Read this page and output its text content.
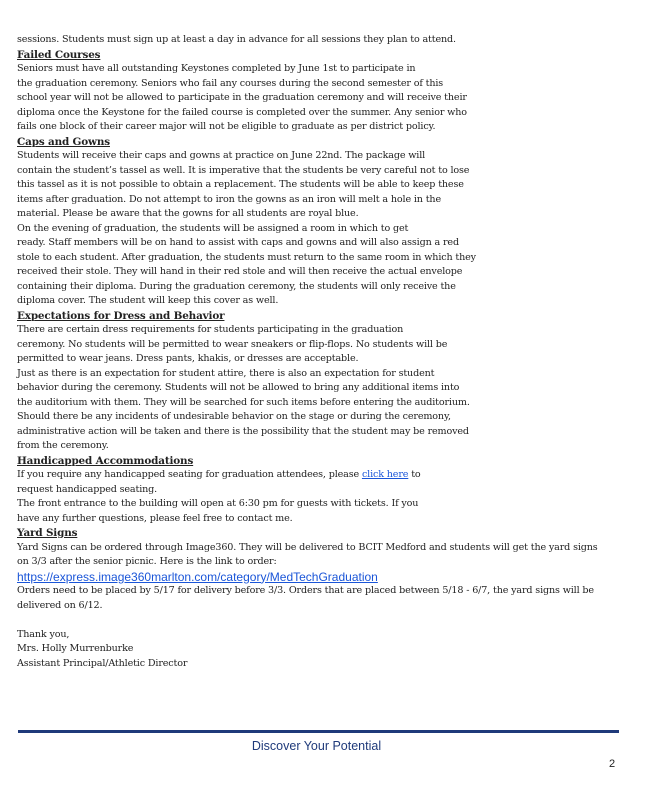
sessions. Students must sign up at least a day in advance for all sessions they plan to attend.
Failed Courses
Seniors must have all outstanding Keystones completed by June 1st to participate in
the graduation ceremony. Seniors who fail any courses during the second semester of this
school year will not be allowed to participate in the graduation ceremony and will receive their
diploma once the Keystone for the failed course is completed over the summer. Any senior who
fails one block of their career major will not be eligible to graduate as per district policy.
Caps and Gowns
Students will receive their caps and gowns at practice on June 22nd. The package will
contain the student’s tassel as well. It is imperative that the students be very careful not to lose
this tassel as it is not possible to obtain a replacement. The students will be able to keep these
items after graduation. Do not attempt to iron the gowns as an iron will melt a hole in the
material. Please be aware that the gowns for all students are royal blue.
On the evening of graduation, the students will be assigned a room in which to get
ready. Staff members will be on hand to assist with caps and gowns and will also assign a red
stole to each student. After graduation, the students must return to the same room in which they
received their stole. They will hand in their red stole and will then receive the actual envelope
containing their diploma. During the graduation ceremony, the students will only receive the
diploma cover. The student will keep this cover as well.
Expectations for Dress and Behavior
There are certain dress requirements for students participating in the graduation
ceremony. No students will be permitted to wear sneakers or flip-flops. No students will be
permitted to wear jeans. Dress pants, khakis, or dresses are acceptable.
Just as there is an expectation for student attire, there is also an expectation for student
behavior during the ceremony. Students will not be allowed to bring any additional items into
the auditorium with them. They will be searched for such items before entering the auditorium.
Should there be any incidents of undesirable behavior on the stage or during the ceremony,
administrative action will be taken and there is the possibility that the student may be removed
from the ceremony.
Handicapped Accommodations
If you require any handicapped seating for graduation attendees, please click here to
request handicapped seating.
The front entrance to the building will open at 6:30 pm for guests with tickets. If you
have any further questions, please feel free to contact me.
Yard Signs
Yard Signs can be ordered through Image360. They will be delivered to BCIT Medford and students will get the yard signs
on 3/3 after the senior picnic. Here is the link to order:
https://express.image360marlton.com/category/MedTechGraduation
Orders need to be placed by 5/17 for delivery before 3/3. Orders that are placed between 5/18 - 6/7, the yard signs will be
delivered on 6/12.
Thank you,
Mrs. Holly Murrenburke
Assistant Principal/Athletic Director
Discover Your Potential
2
